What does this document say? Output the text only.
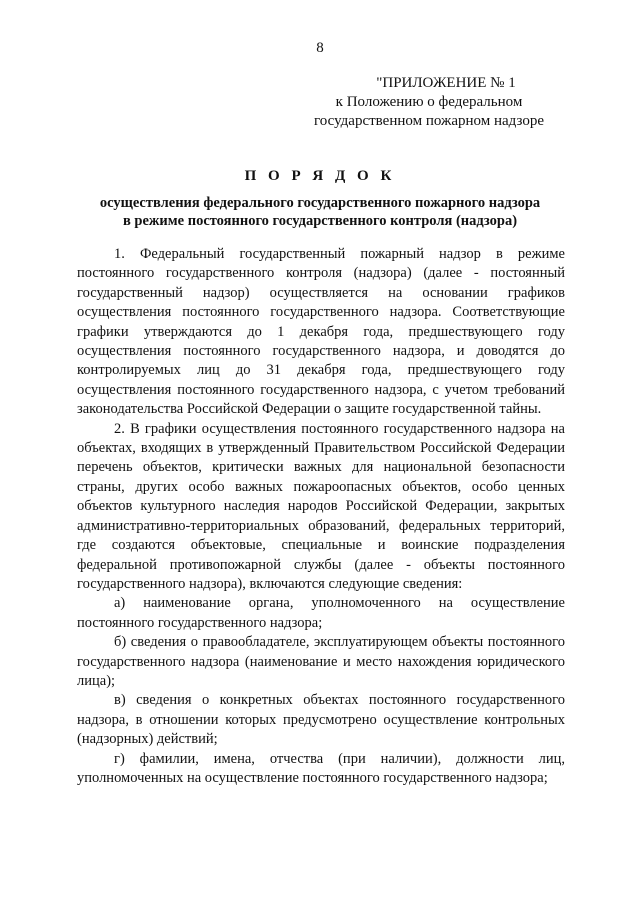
8
"ПРИЛОЖЕНИЕ № 1
к Положению о федеральном
государственном пожарном надзоре
П О Р Я Д О К
осуществления федерального государственного пожарного надзора
в режиме постоянного государственного контроля (надзора)

1. Федеральный государственный пожарный надзор в режиме постоянного государственного контроля (надзора) (далее - постоянный государственный надзор) осуществляется на основании графиков осуществления постоянного государственного надзора. Соответствующие графики утверждаются до 1 декабря года, предшествующего году осуществления постоянного государственного надзора, и доводятся до контролируемых лиц до 31 декабря года, предшествующего году осуществления постоянного государственного надзора, с учетом требований законодательства Российской Федерации о защите государственной тайны.

2. В графики осуществления постоянного государственного надзора на объектах, входящих в утвержденный Правительством Российской Федерации перечень объектов, критически важных для национальной безопасности страны, других особо важных пожароопасных объектов, особо ценных объектов культурного наследия народов Российской Федерации, закрытых административно-территориальных образований, федеральных территорий, где создаются объектовые, специальные и воинские подразделения федеральной противопожарной службы (далее - объекты постоянного государственного надзора), включаются следующие сведения:

а) наименование органа, уполномоченного на осуществление постоянного государственного надзора;

б) сведения о правообладателе, эксплуатирующем объекты постоянного государственного надзора (наименование и место нахождения юридического лица);

в) сведения о конкретных объектах постоянного государственного надзора, в отношении которых предусмотрено осуществление контрольных (надзорных) действий;

г) фамилии, имена, отчества (при наличии), должности лиц, уполномоченных на осуществление постоянного государственного надзора;
